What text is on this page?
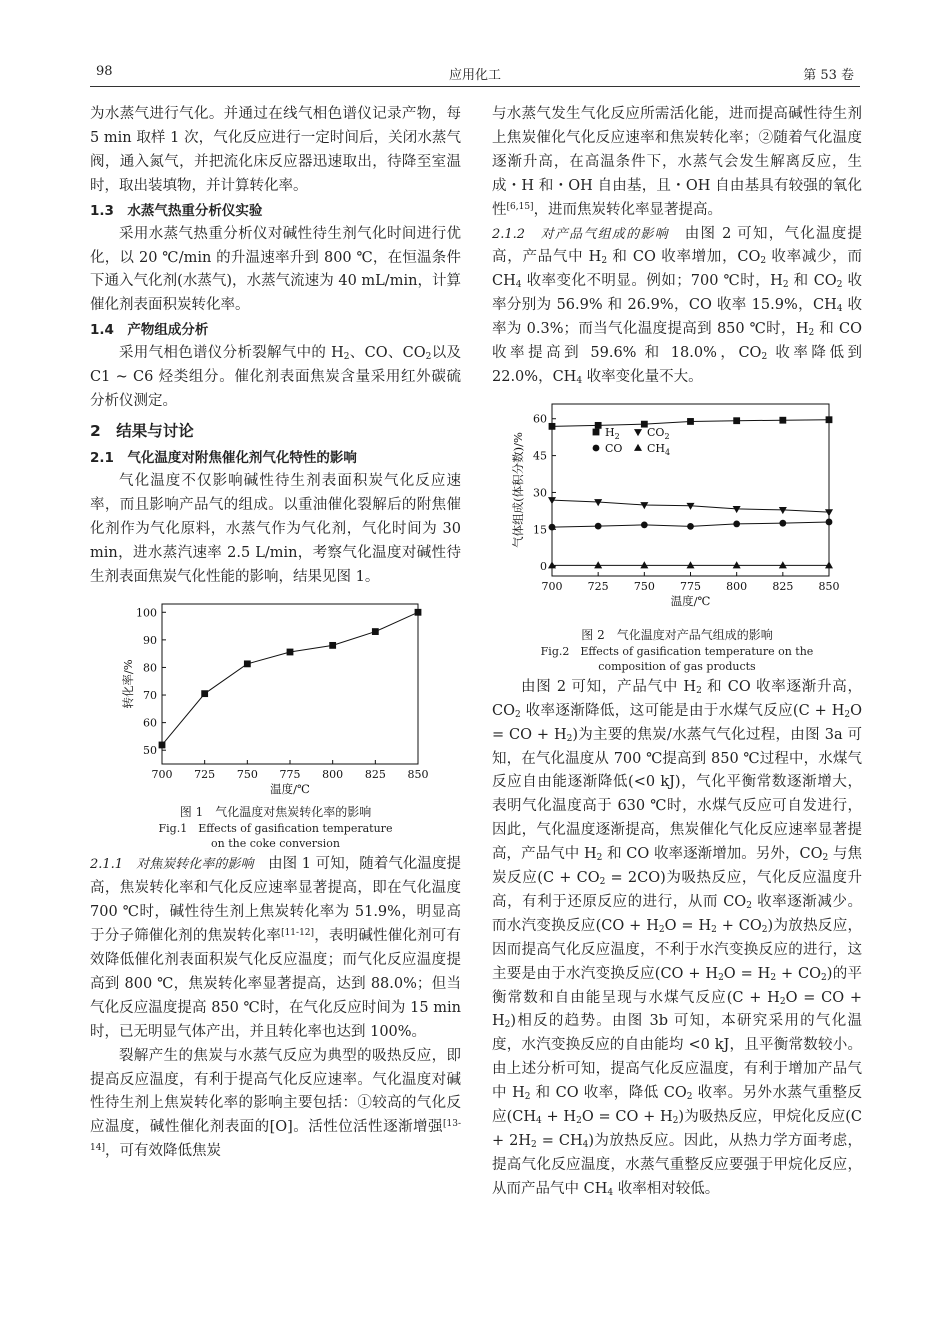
98	应用化工	第 53 卷

为水蒸气进行气化。并通过在线气相色谱仪记录产物，每 5 min 取样 1 次，气化反应进行一定时间后，关闭水蒸气阀，通入氮气，并把流化床反应器迅速取出，待降至室温时，取出装填物，并计算转化率。

1.3　水蒸气热重分析仪实验

采用水蒸气热重分析仪对碱性待生剂气化时间进行优化，以 20 ℃/min 的升温速率升到 800 ℃，在恒温条件下通入气化剂(水蒸气)，水蒸气流速为 40 mL/min，计算催化剂表面积炭转化率。

1.4　产物组成分析

采用气相色谱仪分析裂解气中的 $H_2$、CO、$CO_2$以及 C1 ~ C6 烃类组分。催化剂表面焦炭含量采用红外碳硫分析仪测定。

2　结果与讨论
2.1　气化温度对附焦催化剂气化特性的影响

气化温度不仅影响碱性待生剂表面积炭气化反应速率，而且影响产品气的组成。以重油催化裂解后的附焦催化剂作为气化原料，水蒸气作为气化剂，气化时间为 30 min，进水蒸汽速率 2.5 L/min，考察气化温度对碱性待生剂表面焦炭气化性能的影响，结果见图 1。

700 725 750 775 800 825 850
50
60
70
80
90
100
温度/℃
转化率/%
图 1　气化温度对焦炭转化率的影响
Fig.1　Effects of gasification temperature
on the coke conversion

2.1.1　对焦炭转化率的影响　 由图 1 可知，随着气化温度提高，焦炭转化率和气化反应速率显著提高，即在气化温度 700 ℃时，碱性待生剂上焦炭转化率为 51.9%，明显高于分子筛催化剂的焦炭转化率[11-12]，表明碱性催化剂可有效降低催化剂表面积炭气化反应温度；而气化反应温度提高到 800 ℃，焦炭转化率显著提高，达到 88.0%；但当气化反应温度提高 850 ℃时，在气化反应时间为 15 min 时，已无明显气体产出，并且转化率也达到 100%。

裂解产生的焦炭与水蒸气反应为典型的吸热反应，即提高反应温度，有利于提高气化反应速率。气化温度对碱性待生剂上焦炭转化率的影响主要包括：①较高的气化反应温度，碱性催化剂表面的[O]。活性位活性逐渐增强[13-14]，可有效降低焦炭

与水蒸气发生气化反应所需活化能，进而提高碱性待生剂上焦炭催化气化反应速率和焦炭转化率；②随着气化温度逐渐升高，在高温条件下，水蒸气会发生解离反应，生成・H 和・OH 自由基，且・OH 自由基具有较强的氧化性[6,15]，进而焦炭转化率显著提高。

2.1.2　对产品气组成的影响　 由图 2 可知，气化温度提高，产品气中 $H_2$ 和 CO 收率增加，$CO_2$ 收率减少，而 $CH_4$ 收率变化不明显。例如；700 ℃时，$H_2$ 和 $CO_2$ 收率分别为 56.9% 和 26.9%，CO 收率 15.9%，$CH_4$ 收率为 0.3%；而当气化温度提高到 850 ℃时，$H_2$ 和 CO 收率提高到 59.6% 和 18.0%，$CO_2$ 收率降低到 22.0%，$CH_4$ 收率变化量不大。

700 725 750 775 800 825 850
0
15
30
45
60
温度/℃
气体组成(体积分数)/%	$H_2$
CO
$CO_2$
$CH_4$
图 2　气化温度对产品气组成的影响
Fig.2　Effects of gasification temperature on the
composition of gas products

由图 2 可知，产品气中 $H_2$ 和 CO 收率逐渐升高，$CO_2$ 收率逐渐降低，这可能是由于水煤气反应($C + H_2O$ = CO + $H_2$)为主要的焦炭/水蒸气气化过程，由图 3a 可知，在气化温度从 700 ℃提高到 850 ℃过程中，水煤气反应自由能逐渐降低(<0 kJ)，气化平衡常数逐渐增大，表明气化温度高于 630 ℃时，水煤气反应可自发进行，因此，气化温度逐渐提高，焦炭催化气化反应速率显著提高，产品气中 $H_2$ 和 CO 收率逐渐增加。另外，$CO_2$ 与焦炭反应$(C + CO_2 = 2CO)$为吸热反应，气化反应温度升高，有利于还原反应的进行，从而 $CO_2$ 收率逐渐减少。而水汽变换反应$(CO + H_2O = H_2 + CO_2)$为放热反应，因而提高气化反应温度，不利于水汽变换反应的进行，这主要是由于水汽变换反应$(CO + H_2O = H_2 + CO_2)$的平衡常数和自由能呈现与水煤气反应($C + H_2O$ = CO + $H_2$)相反的趋势。由图 3b 可知，本研究采用的气化温度，水汽变换反应的自由能均 <0 kJ，且平衡常数较小。由上述分析可知，提高气化反应温度，有利于增加产品气中 $H_2$ 和 CO 收率，降低 $CO_2$ 收率。另外水蒸气重整反应($CH_4 + H_2O$ = CO + $H_2$)为吸热反应，甲烷化反应$(C + 2H_2 = CH_4)$为放热反应。因此，从热力学方面考虑，提高气化反应温度，水蒸气重整反应要强于甲烷化反应，从而产品气中 $CH_4$ 收率相对较低。
